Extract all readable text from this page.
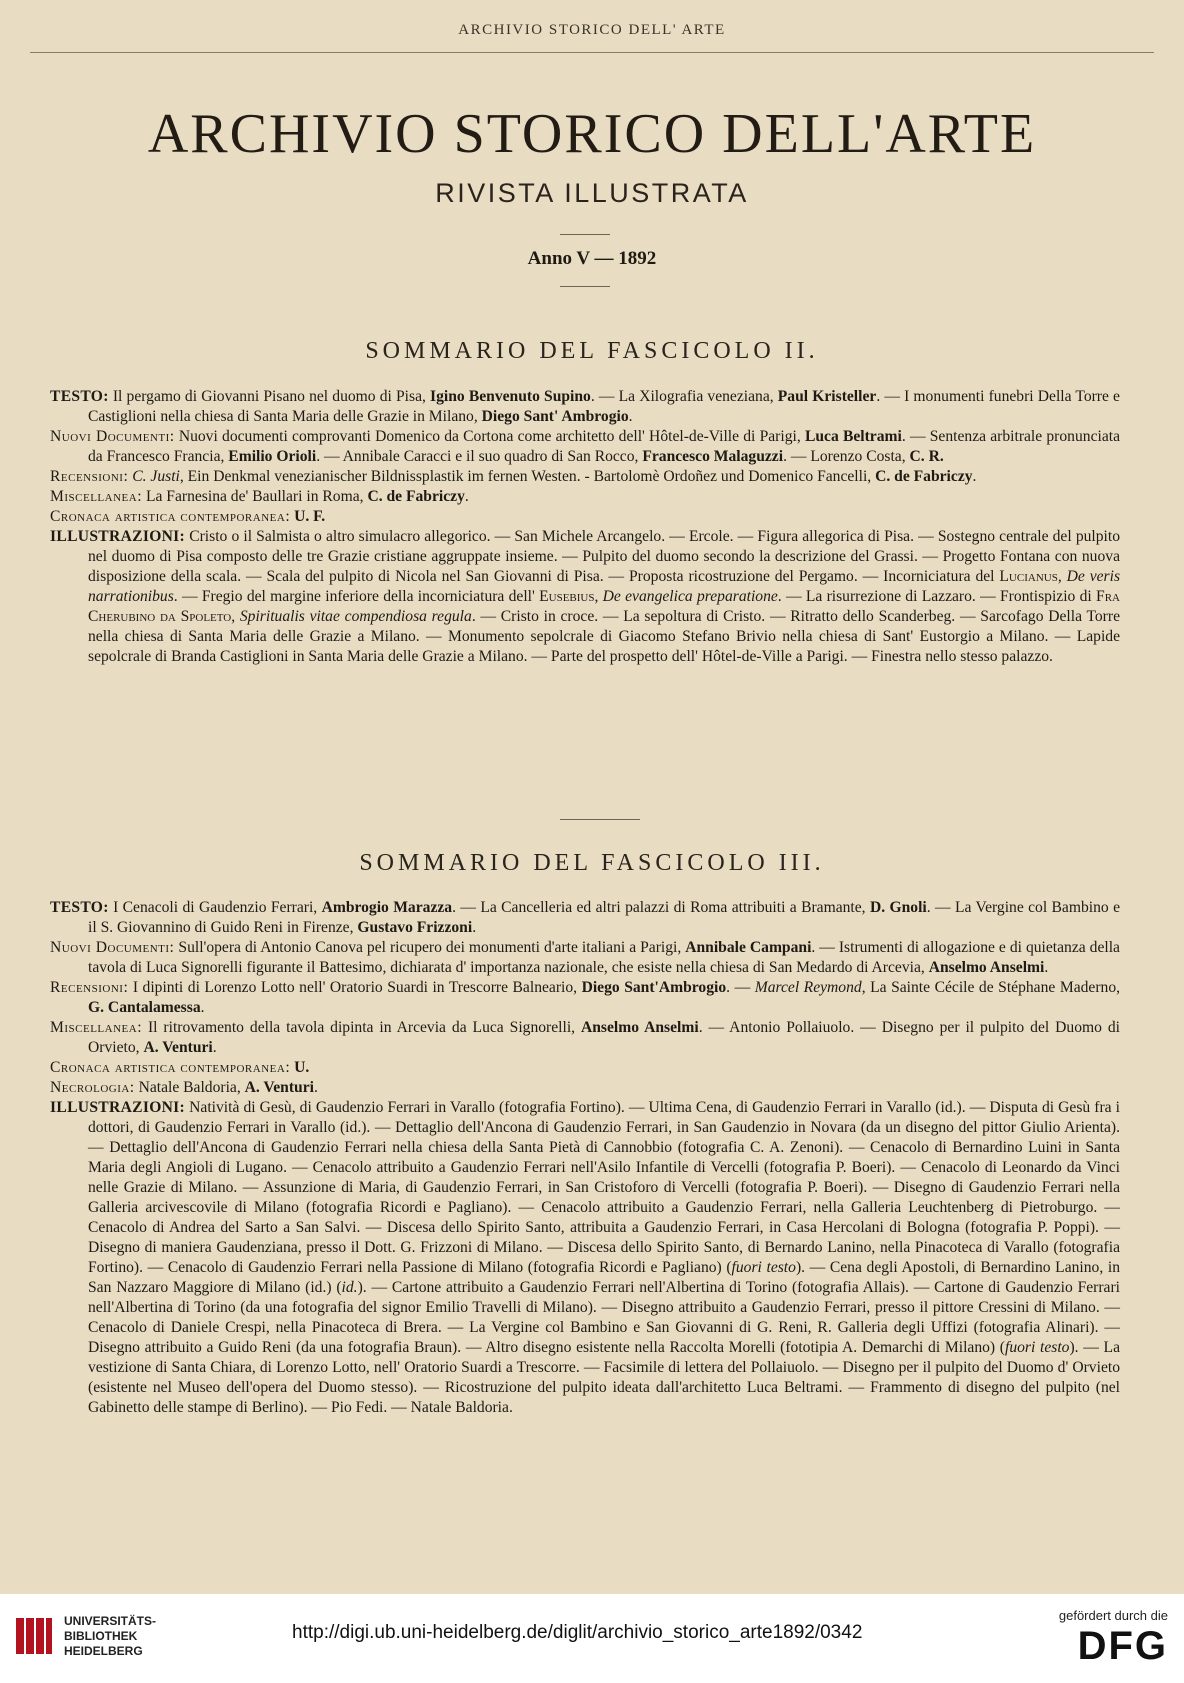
ARCHIVIO STORICO DELL' ARTE
ARCHIVIO STORICO DELL'ARTE
RIVISTA ILLUSTRATA
Anno V — 1892
SOMMARIO DEL FASCICOLO II.

TESTO: Il pergamo di Giovanni Pisano nel duomo di Pisa, Igino Benvenuto Supino. — La Xilografia veneziana, Paul Kristeller. — I monumenti funebri Della Torre e Castiglioni nella chiesa di Santa Maria delle Grazie in Milano, Diego Sant' Ambrogio.

Nuovi Documenti: Nuovi documenti comprovanti Domenico da Cortona come architetto dell' Hôtel-de-Ville di Parigi, Luca Beltrami. — Sentenza arbitrale pronunciata da Francesco Francia, Emilio Orioli. — Annibale Caracci e il suo quadro di San Rocco, Francesco Malaguzzi. — Lorenzo Costa, C. R.

Recensioni: C. Justi, Ein Denkmal venezianischer Bildnissplastik im fernen Westen. - Bartolomè Ordoñez und Domenico Fancelli, C. de Fabriczy.

Miscellanea: La Farnesina de' Baullari in Roma, C. de Fabriczy.

Cronaca artistica contemporanea: U. F.

ILLUSTRAZIONI: Cristo o il Salmista o altro simulacro allegorico. — San Michele Arcangelo. — Ercole. — Figura allegorica di Pisa. — Sostegno centrale del pulpito nel duomo di Pisa composto delle tre Grazie cristiane aggruppate insieme. — Pulpito del duomo secondo la descrizione del Grassi. — Progetto Fontana con nuova disposizione della scala. — Scala del pulpito di Nicola nel San Giovanni di Pisa. — Proposta ricostruzione del Pergamo. — Incorniciatura del Lucianus, De veris narrationibus. — Fregio del margine inferiore della incorniciatura dell' Eusebius, De evangelica preparatione. — La risurrezione di Lazzaro. — Frontispizio di Fra Cherubino da Spoleto, Spiritualis vitae compendiosa regula. — Cristo in croce. — La sepoltura di Cristo. — Ritratto dello Scanderbeg. — Sarcofago Della Torre nella chiesa di Santa Maria delle Grazie a Milano. — Monumento sepolcrale di Giacomo Stefano Brivio nella chiesa di Sant' Eustorgio a Milano. — Lapide sepolcrale di Branda Castiglioni in Santa Maria delle Grazie a Milano. — Parte del prospetto dell' Hôtel-de-Ville a Parigi. — Finestra nello stesso palazzo.

SOMMARIO DEL FASCICOLO III.

TESTO: I Cenacoli di Gaudenzio Ferrari, Ambrogio Marazza. — La Cancelleria ed altri palazzi di Roma attribuiti a Bramante, D. Gnoli. — La Vergine col Bambino e il S. Giovannino di Guido Reni in Firenze, Gustavo Frizzoni.

Nuovi Documenti: Sull'opera di Antonio Canova pel ricupero dei monumenti d'arte italiani a Parigi, Annibale Campani. — Istrumenti di allogazione e di quietanza della tavola di Luca Signorelli figurante il Battesimo, dichiarata d' importanza nazionale, che esiste nella chiesa di San Medardo di Arcevia, Anselmo Anselmi.

Recensioni: I dipinti di Lorenzo Lotto nell' Oratorio Suardi in Trescorre Balneario, Diego Sant'Ambrogio. — Marcel Reymond, La Sainte Cécile de Stéphane Maderno, G. Cantalamessa.

Miscellanea: Il ritrovamento della tavola dipinta in Arcevia da Luca Signorelli, Anselmo Anselmi. — Antonio Pollaiuolo. — Disegno per il pulpito del Duomo di Orvieto, A. Venturi.

Cronaca artistica contemporanea: U.

Necrologia: Natale Baldoria, A. Venturi.

ILLUSTRAZIONI: Natività di Gesù, di Gaudenzio Ferrari in Varallo (fotografia Fortino). — Ultima Cena, di Gaudenzio Ferrari in Varallo (id.). — Disputa di Gesù fra i dottori, di Gaudenzio Ferrari in Varallo (id.). — Dettaglio dell'Ancona di Gaudenzio Ferrari, in San Gaudenzio in Novara (da un disegno del pittor Giulio Arienta). — Dettaglio dell'Ancona di Gaudenzio Ferrari nella chiesa della Santa Pietà di Cannobbio (fotografia C. A. Zenoni). — Cenacolo di Bernardino Luini in Santa Maria degli Angioli di Lugano. — Cenacolo attribuito a Gaudenzio Ferrari nell'Asilo Infantile di Vercelli (fotografia P. Boeri). — Cenacolo di Leonardo da Vinci nelle Grazie di Milano. — Assunzione di Maria, di Gaudenzio Ferrari, in San Cristoforo di Vercelli (fotografia P. Boeri). — Disegno di Gaudenzio Ferrari nella Galleria arcivescovile di Milano (fotografia Ricordi e Pagliano). — Cenacolo attribuito a Gaudenzio Ferrari, nella Galleria Leuchtenberg di Pietroburgo. — Cenacolo di Andrea del Sarto a San Salvi. — Discesa dello Spirito Santo, attribuita a Gaudenzio Ferrari, in Casa Hercolani di Bologna (fotografia P. Poppi). — Disegno di maniera Gaudenziana, presso il Dott. G. Frizzoni di Milano. — Discesa dello Spirito Santo, di Bernardo Lanino, nella Pinacoteca di Varallo (fotografia Fortino). — Cenacolo di Gaudenzio Ferrari nella Passione di Milano (fotografia Ricordi e Pagliano) (fuori testo). — Cena degli Apostoli, di Bernardino Lanino, in San Nazzaro Maggiore di Milano (id.) (id.). — Cartone attribuito a Gaudenzio Ferrari nell'Albertina di Torino (fotografia Allais). — Cartone di Gaudenzio Ferrari nell'Albertina di Torino (da una fotografia del signor Emilio Travelli di Milano). — Disegno attribuito a Gaudenzio Ferrari, presso il pittore Cressini di Milano. — Cenacolo di Daniele Crespi, nella Pinacoteca di Brera. — La Vergine col Bambino e San Giovanni di G. Reni, R. Galleria degli Uffizi (fotografia Alinari). — Disegno attribuito a Guido Reni (da una fotografia Braun). — Altro disegno esistente nella Raccolta Morelli (fototipia A. Demarchi di Milano) (fuori testo). — La vestizione di Santa Chiara, di Lorenzo Lotto, nell' Oratorio Suardi a Trescorre. — Facsimile di lettera del Pollaiuolo. — Disegno per il pulpito del Duomo d' Orvieto (esistente nel Museo dell'opera del Duomo stesso). — Ricostruzione del pulpito ideata dall'architetto Luca Beltrami. — Frammento di disegno del pulpito (nel Gabinetto delle stampe di Berlino). — Pio Fedi. — Natale Baldoria.

UNIVERSITÄTS-
BIBLIOTHEK
HEIDELBERG
http://digi.ub.uni-heidelberg.de/diglit/archivio_storico_arte1892/0342
gefördert durch die
DFG
